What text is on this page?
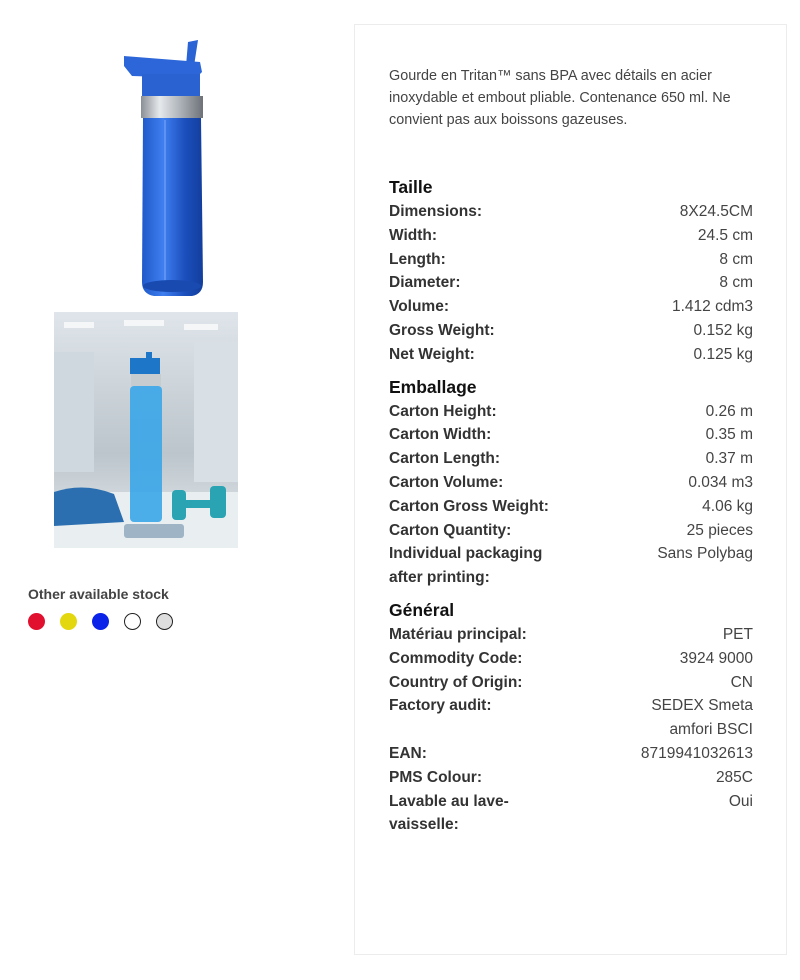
Other available stock

Gourde en Tritan™ sans BPA avec détails en acier inoxydable et embout pliable. Contenance 650 ml. Ne convient pas aux boissons gazeuses.

Taille
Dimensions:	8X24.5CM
Width:	24.5 cm
Length:	8 cm
Diameter:	8 cm
Volume:	1.412 cdm3
Gross Weight:	0.152 kg
Net Weight:	0.125 kg
Emballage
Carton Height:	0.26 m
Carton Width:	0.35 m
Carton Length:	0.37 m
Carton Volume:	0.034 m3
Carton Gross Weight:	4.06 kg
Carton Quantity:	25 pieces
Individual packaging after printing:
Sans Polybag
Général
Matériau principal:	PET
Commodity Code:	3924 9000
Country of Origin:	CN
Factory audit:	SEDEX Smeta amfori BSCI
EAN:	8719941032613
PMS Colour:	285C
Lavable au lave-vaisselle:
Oui
